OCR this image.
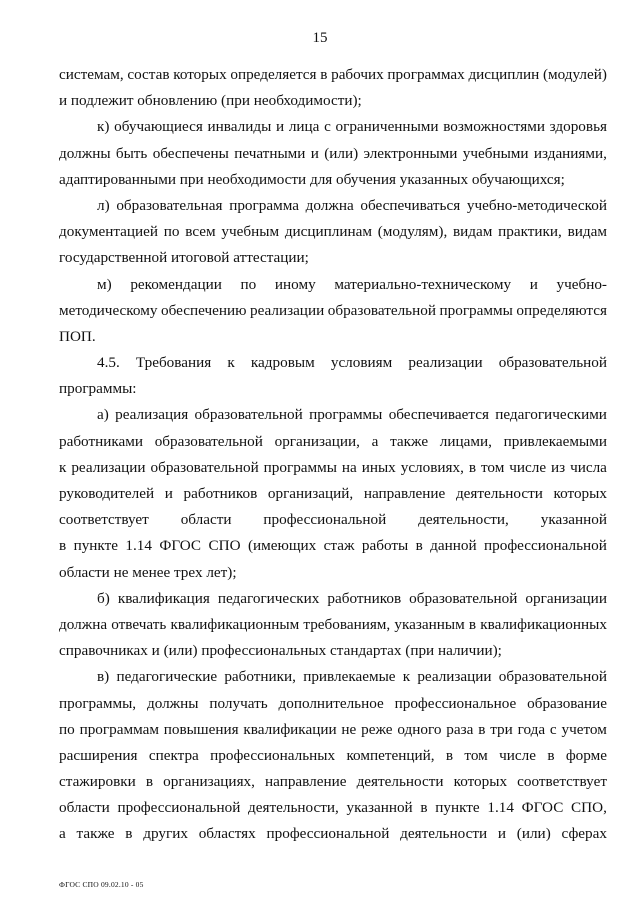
15
системам, состав которых определяется в рабочих программах дисциплин (модулей)
и подлежит обновлению (при необходимости);
к) обучающиеся инвалиды и лица с ограниченными возможностями здоровья
должны быть обеспечены печатными и (или) электронными учебными изданиями,
адаптированными при необходимости для обучения указанных обучающихся;
л) образовательная программа должна обеспечиваться учебно-методической
документацией по всем учебным дисциплинам (модулям), видам практики, видам
государственной итоговой аттестации;
м) рекомендации по иному материально-техническому и учебно-
методическому обеспечению реализации образовательной программы определяются
ПОП.
4.5. Требования к кадровым условиям реализации образовательной
программы:
а) реализация образовательной программы обеспечивается педагогическими
работниками образовательной организации, а также лицами, привлекаемыми
к реализации образовательной программы на иных условиях, в том числе из числа
руководителей и работников организаций, направление деятельности которых
соответствует области профессиональной деятельности, указанной
в пункте 1.14 ФГОС СПО (имеющих стаж работы в данной профессиональной
области не менее трех лет);
б) квалификация педагогических работников образовательной организации
должна отвечать квалификационным требованиям, указанным в квалификационных
справочниках и (или) профессиональных стандартах (при наличии);
в) педагогические работники, привлекаемые к реализации образовательной
программы, должны получать дополнительное профессиональное образование
по программам повышения квалификации не реже одного раза в три года с учетом
расширения спектра профессиональных компетенций, в том числе в форме
стажировки в организациях, направление деятельности которых соответствует
области профессиональной деятельности, указанной в пункте 1.14 ФГОС СПО,
а также в других областях профессиональной деятельности и (или) сферах
ФГОС СПО 09.02.10 - 05
